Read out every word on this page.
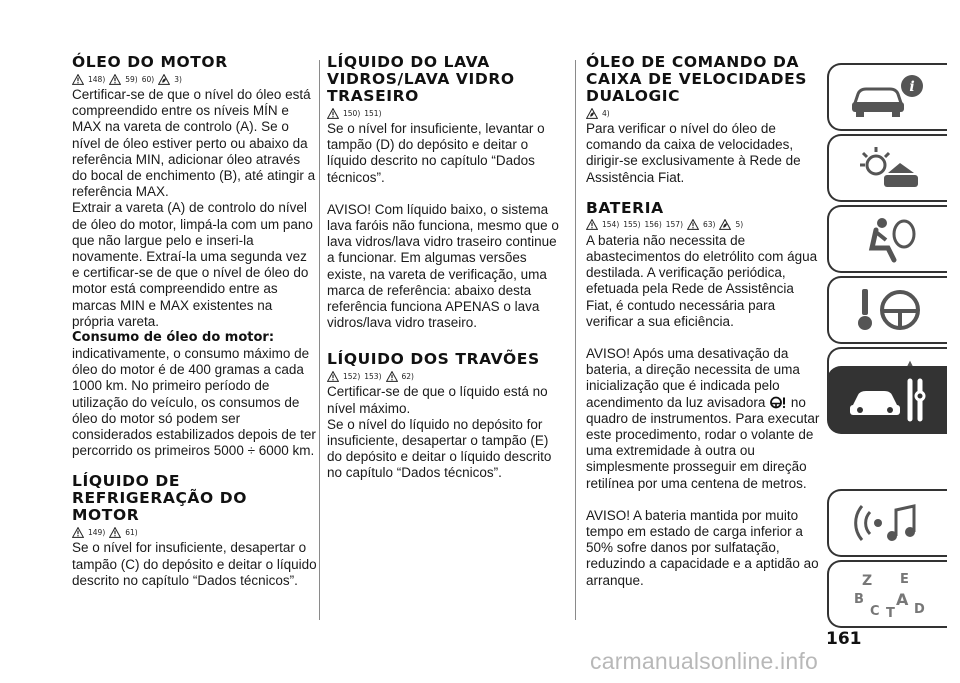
ÓLEO DO MOTOR
148)	59) 60)	3)

Certificar-se de que o nível do óleo está compreendido entre os níveis MÍN e MAX na vareta de controlo (A). Se o nível de óleo estiver perto ou abaixo da referência MIN, adicionar óleo através do bocal de enchimento (B), até atingir a referência MAX.

Extrair a vareta (A) de controlo do nível de óleo do motor, limpá-la com um pano que não largue pelo e inseri-la novamente. Extraí-la uma segunda vez e certificar-se de que o nível de óleo do motor está compreendido entre as marcas MIN e MAX existentes na própria vareta.

Consumo de óleo do motor:

indicativamente, o consumo máximo de óleo do motor é de 400 gramas a cada 1000 km. No primeiro período de utilização do veículo, os consumos de óleo do motor só podem ser considerados estabilizados depois de ter percorrido os primeiros 5000 ÷ 6000 km.

LÍQUIDO DE REFRIGERAÇÃO DO MOTOR
149)	61)

Se o nível for insuficiente, desapertar o tampão (C) do depósito e deitar o líquido descrito no capítulo “Dados técnicos”.

LÍQUIDO DO LAVA VIDROS/LAVA VIDRO TRASEIRO
150) 151)

Se o nível for insuficiente, levantar o tampão (D) do depósito e deitar o líquido descrito no capítulo “Dados técnicos”.

AVISO! Com líquido baixo, o sistema lava faróis não funciona, mesmo que o lava vidros/lava vidro traseiro continue a funcionar. Em algumas versões existe, na vareta de verificação, uma marca de referência: abaixo desta referência funciona APENAS o lava vidros/lava vidro traseiro.

LÍQUIDO DOS TRAVÕES
152) 153)	62)

Certificar-se de que o líquido está no nível máximo.

Se o nível do líquido no depósito for insuficiente, desapertar o tampão (E) do depósito e deitar o líquido descrito no capítulo “Dados técnicos”.

ÓLEO DE COMANDO DA CAIXA DE VELOCIDADES DUALOGIC
4)

Para verificar o nível do óleo de comando da caixa de velocidades, dirigir-se exclusivamente à Rede de Assistência Fiat.

BATERIA
154) 155) 156) 157)	63)	5)

A bateria não necessita de abastecimentos do eletrólito com água destilada. A verificação periódica, efetuada pela Rede de Assistência Fiat, é contudo necessária para verificar a sua eficiência.

AVISO! Após uma desativação da bateria, a direção necessita de uma inicialização que é indicada pelo acendimento da luz avisadora no quadro de instrumentos. Para executar este procedimento, rodar o volante de uma extremidade à outra ou simplesmente prosseguir em direção retilínea por uma centena de metros.

AVISO! A bateria mantida por muito tempo em estado de carga inferior a 50% sofre danos por sulfatação, reduzindo a capacidade e a aptidão ao arranque.

i
Z E
B A
C T D
161
carmanualsonline.info
